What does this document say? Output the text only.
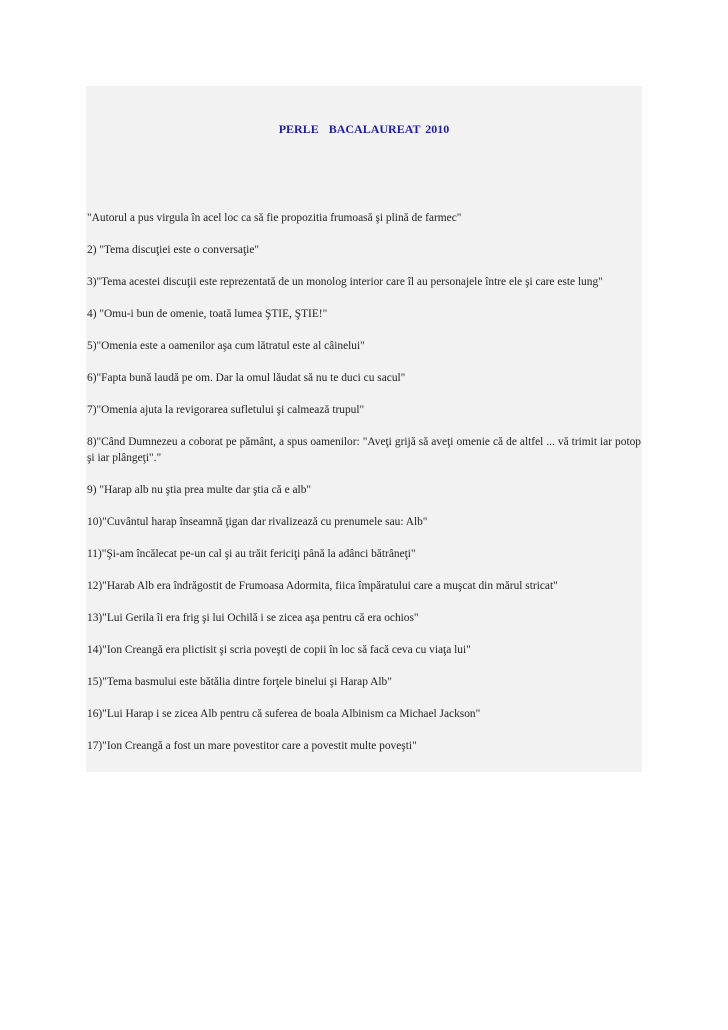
PERLE  BACALAUREAT 2010

"Autorul a pus virgula în acel loc ca să fie propozitia frumoasă şi plină de farmec"

2) "Tema discuţiei este o conversaţie"

3)"Tema acestei discuţii este reprezentată de un monolog interior care îl au personajele între ele şi care este lung"

4) "Omu-i bun de omenie, toată lumea ŞTIE, ŞTIE!"

5)"Omenia este a oamenilor aşa cum lătratul este al câinelui"

6)"Fapta bună laudă pe om. Dar la omul lăudat să nu te duci cu sacul"

7)"Omenia ajuta la revigorarea sufletului şi calmează trupul"

8)"Când Dumnezeu a coborat pe pământ, a spus oamenilor: "Aveţi grijă să aveţi omenie că de altfel ... vă trimit iar potop şi iar plângeţi"."

9) "Harap alb nu ştia prea multe dar ştia că e alb"

10)"Cuvântul harap înseamnă ţigan dar rivalizează cu prenumele sau: Alb"

11)"Şi-am încălecat pe-un cal şi au trăit fericiţi până la adânci bătrâneţi"

12)"Harab Alb era îndrăgostit de Frumoasa Adormita, fiica împăratului care a muşcat din mărul stricat"

13)"Lui Gerila îi era frig şi lui Ochilă i se zicea aşa pentru că era ochios"

14)"Ion Creangă era plictisit şi scria poveşti de copii în loc să facă ceva cu viaţa lui"

15)"Tema basmului este bătălia dintre forţele binelui şi Harap Alb"

16)"Lui Harap i se zicea Alb pentru că suferea de boala Albinism ca Michael Jackson"

17)"Ion Creangă a fost un mare povestitor care a povestit multe poveşti"
